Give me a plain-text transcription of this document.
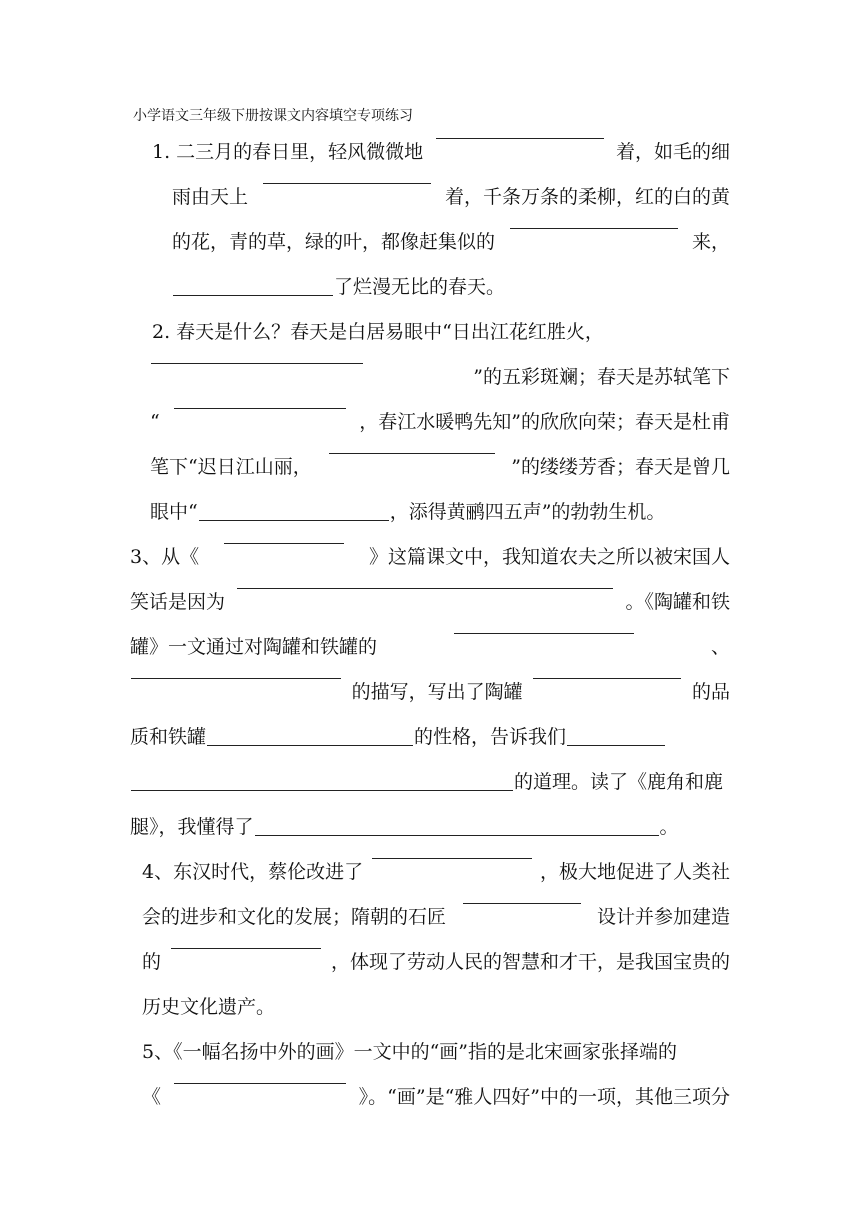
小学语文三年级下册按课文内容填空专项练习
1. 二三月的春日里，轻风微微地	着，如毛的细
雨由天上	着，千条万条的柔柳，红的白的黄
的花，青的草，绿的叶，都像赶集似的	来，
了烂漫无比的春天。
2. 春天是什么？春天是白居易眼中“日出江花红胜火，
”的五彩斑斓；春天是苏轼笔下
“	，春江水暖鸭先知”的欣欣向荣；春天是杜甫
笔下“迟日江山丽，	”的缕缕芳香；春天是曾几
眼中“	，添得黄鹂四五声”的勃勃生机。
3、从《	》这篇课文中，我知道农夫之所以被宋国人
笑话是因为	。《陶罐和铁
罐》一文通过对陶罐和铁罐的	、
的描写，写出了陶罐	的品
质和铁罐	的性格，告诉我们
的道理。读了《鹿角和鹿
腿》，我懂得了	。
4、东汉时代，蔡伦改进了	，极大地促进了人类社
会的进步和文化的发展；隋朝的石匠	设计并参加建造
的	，体现了劳动人民的智慧和才干，是我国宝贵的
历史文化遗产。
5、《一幅名扬中外的画》一文中的“画”指的是北宋画家张择端的
《	》。“画”是“雅人四好”中的一项，其他三项分
